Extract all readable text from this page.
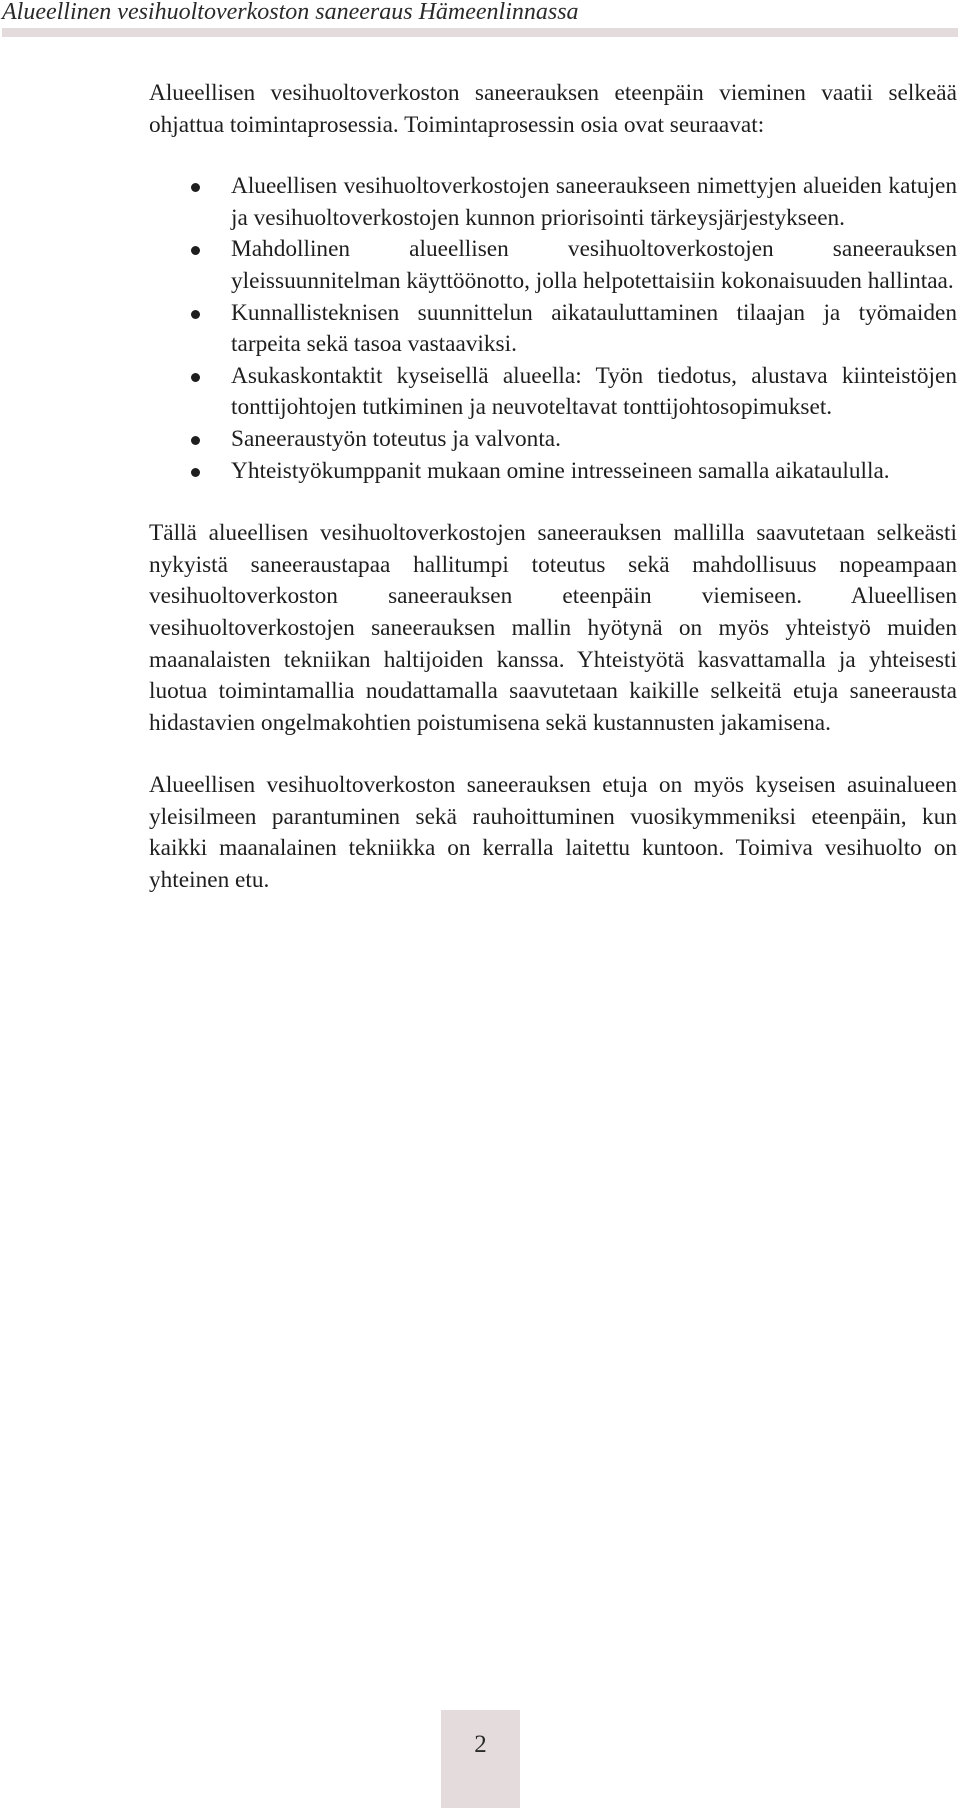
Alueellinen vesihuoltoverkoston saneeraus Hämeenlinnassa

Alueellisen vesihuoltoverkoston saneerauksen eteenpäin vieminen vaatii selkeää ohjattua toimintaprosessia. Toimintaprosessin osia ovat seuraavat:

Alueellisen vesihuoltoverkostojen saneeraukseen nimettyjen alueiden katujen ja vesihuoltoverkostojen kunnon priorisointi tärkeysjärjestykseen.
Mahdollinen alueellisen vesihuoltoverkostojen saneerauksen yleissuunnitelman käyttöönotto, jolla helpotettaisiin kokonaisuuden hallintaa.
Kunnallisteknisen suunnittelun aikatauluttaminen tilaajan ja työmaiden tarpeita sekä tasoa vastaaviksi.
Asukaskontaktit kyseisellä alueella: Työn tiedotus, alustava kiinteistöjen tonttijohtojen tutkiminen ja neuvoteltavat tonttijohtosopimukset.
Saneeraustyön toteutus ja valvonta.
Yhteistyökumppanit mukaan omine intresseineen samalla aikataululla.

Tällä alueellisen vesihuoltoverkostojen saneerauksen mallilla saavutetaan selkeästi nykyistä saneeraustapaa hallitumpi toteutus sekä mahdollisuus nopeampaan vesihuoltoverkoston saneerauksen eteenpäin viemiseen. Alueellisen vesihuoltoverkostojen saneerauksen mallin hyötynä on myös yhteistyö muiden maanalaisten tekniikan haltijoiden kanssa. Yhteistyötä kasvattamalla ja yhteisesti luotua toimintamallia noudattamalla saavutetaan kaikille selkeitä etuja saneerausta hidastavien ongelmakohtien poistumisena sekä kustannusten jakamisena.

Alueellisen vesihuoltoverkoston saneerauksen etuja on myös kyseisen asuinalueen yleisilmeen parantuminen sekä rauhoittuminen vuosikymmeniksi eteenpäin, kun kaikki maanalainen tekniikka on kerralla laitettu kuntoon. Toimiva vesihuolto on yhteinen etu.

2
